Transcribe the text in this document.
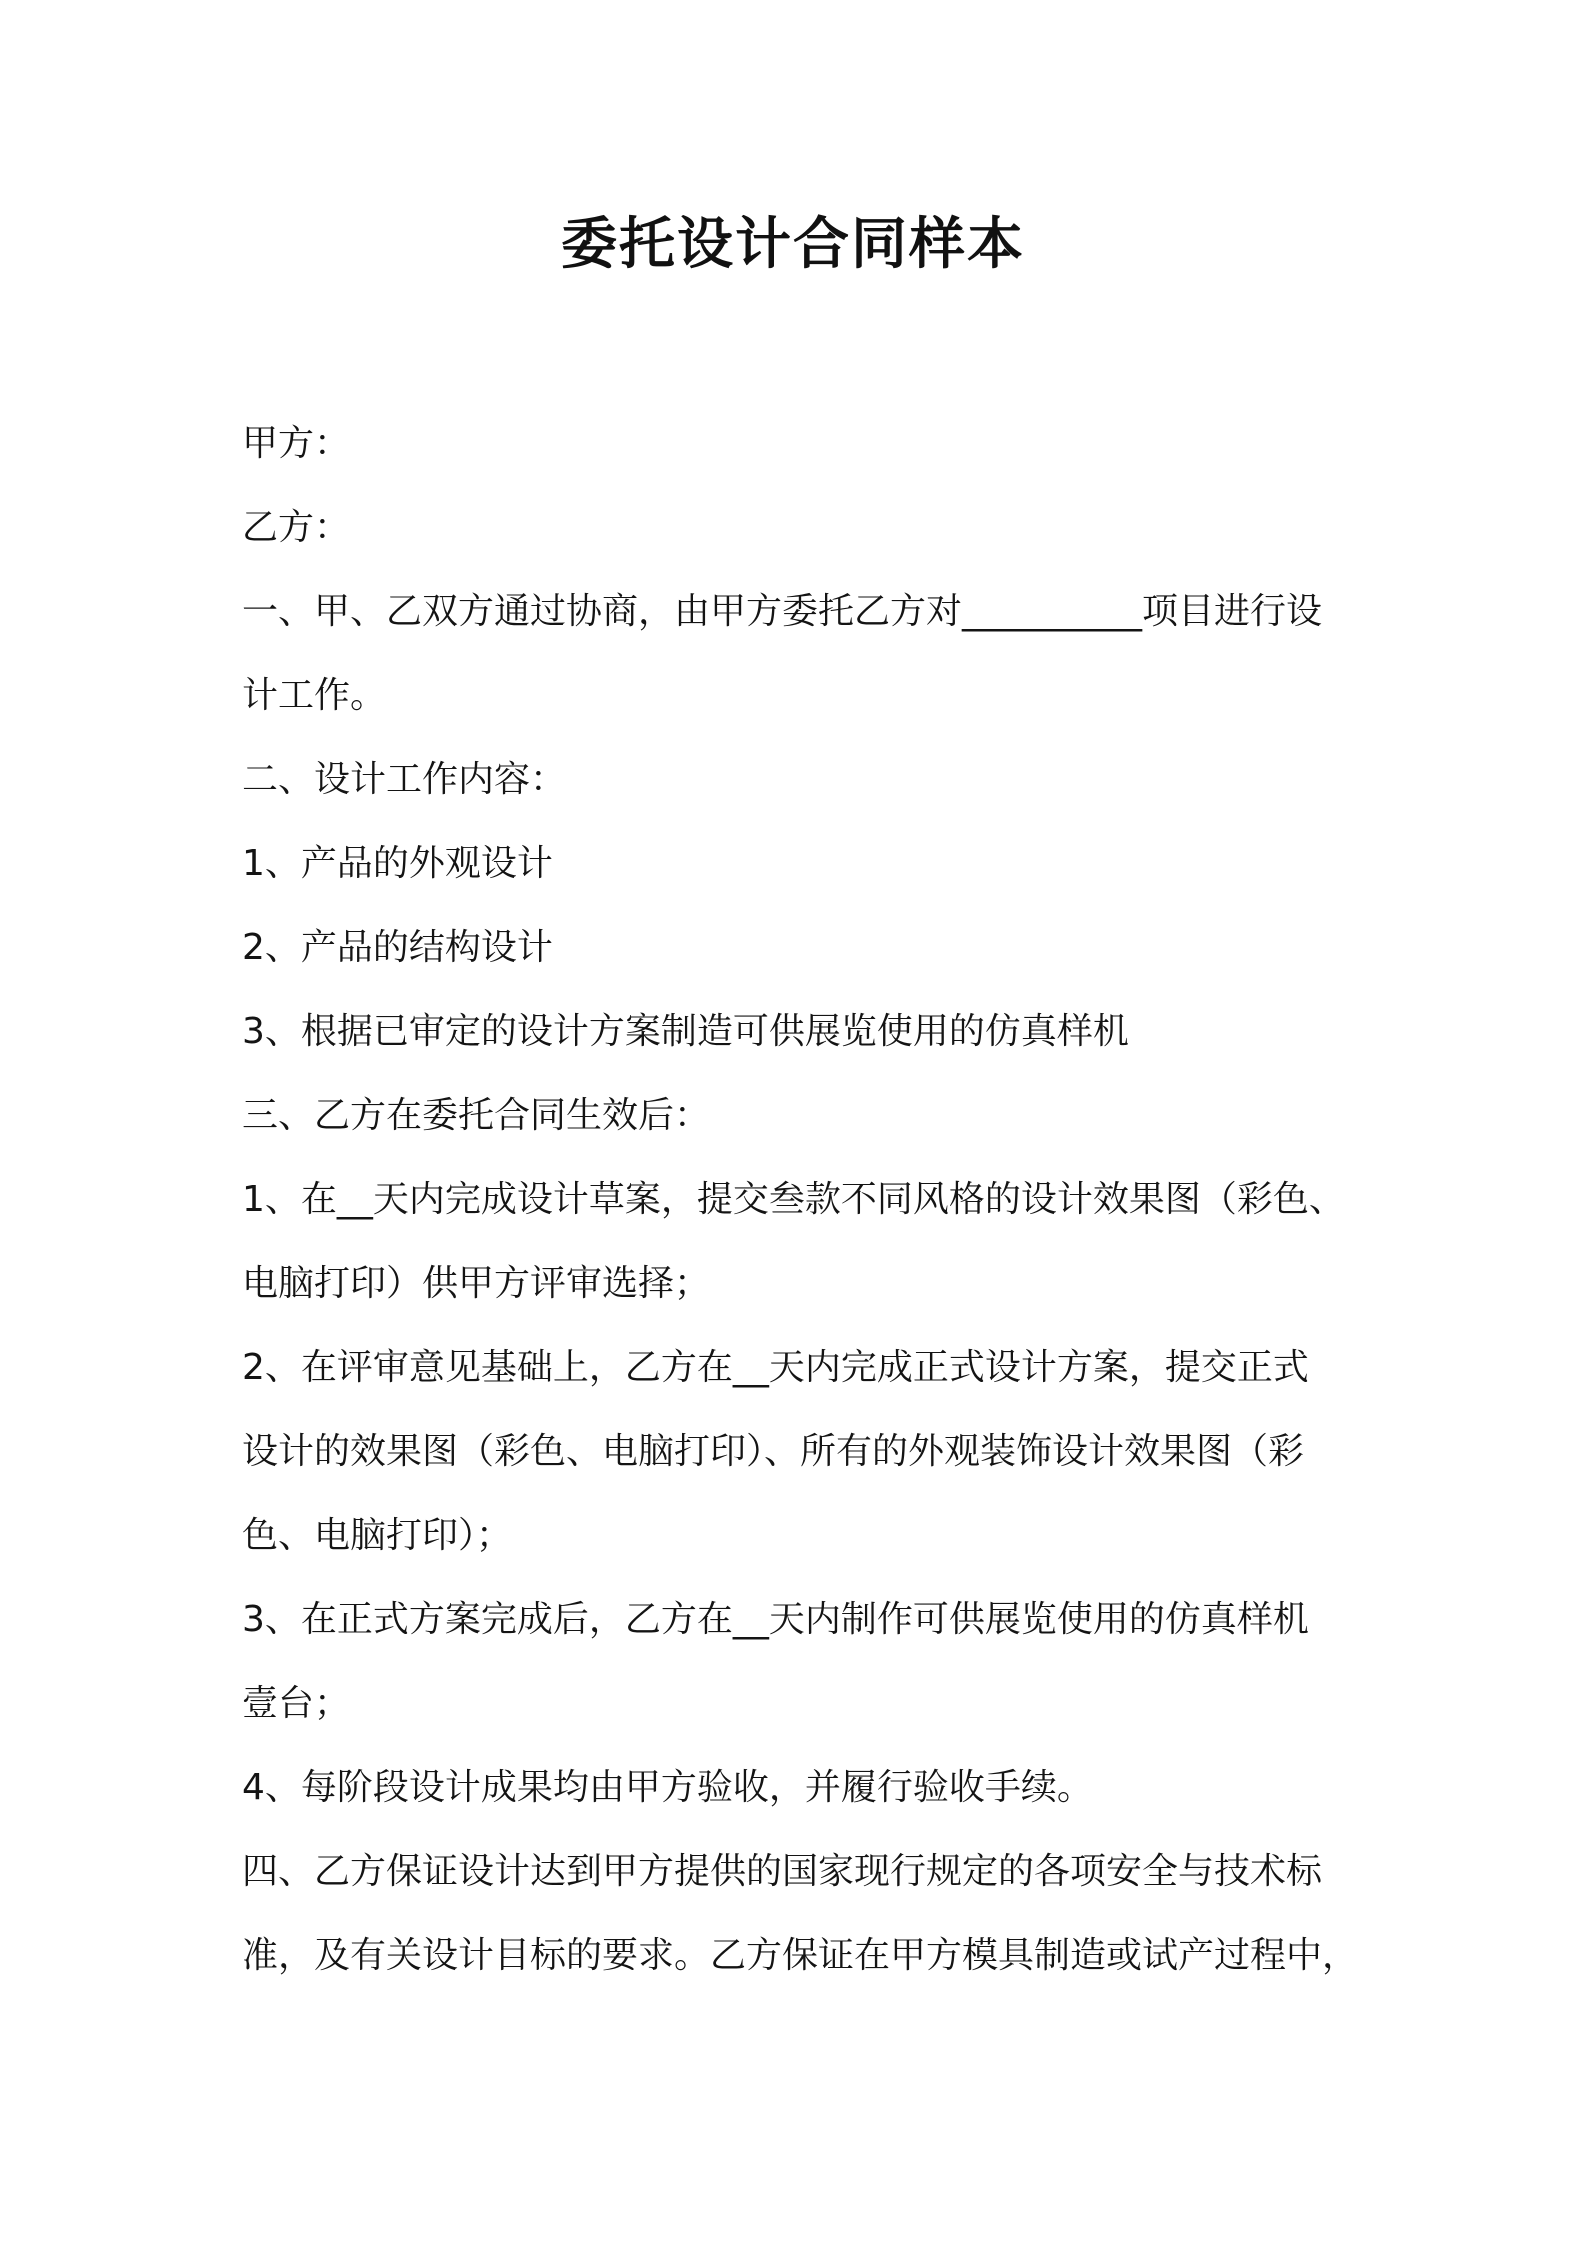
委托设计合同样本
甲方：
乙方：
一、甲、乙双方通过协商，由甲方委托乙方对__________项目进行设
计工作。
二、设计工作内容：
1、产品的外观设计
2、产品的结构设计
3、根据已审定的设计方案制造可供展览使用的仿真样机
三、乙方在委托合同生效后：
1、在__天内完成设计草案，提交叁款不同风格的设计效果图（彩色、
电脑打印）供甲方评审选择；
2、在评审意见基础上，乙方在__天内完成正式设计方案，提交正式
设计的效果图（彩色、电脑打印）、所有的外观装饰设计效果图（彩
色、电脑打印）；
3、在正式方案完成后，乙方在__天内制作可供展览使用的仿真样机
壹台；
4、每阶段设计成果均由甲方验收，并履行验收手续。
四、乙方保证设计达到甲方提供的国家现行规定的各项安全与技术标
准，及有关设计目标的要求。乙方保证在甲方模具制造或试产过程中，
